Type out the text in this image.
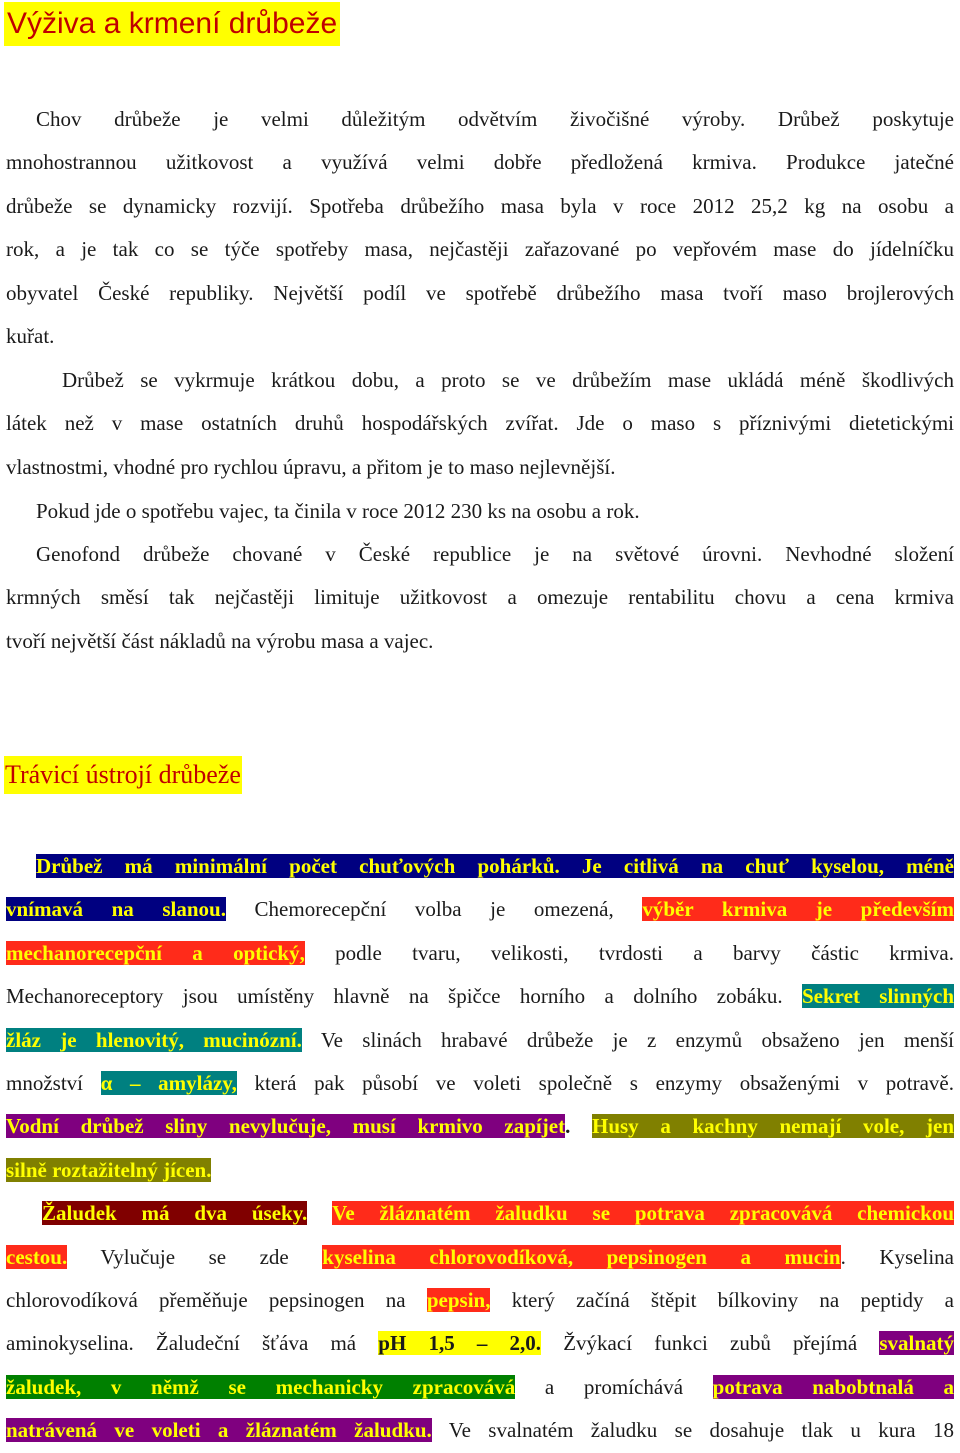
Výživa a krmení drůbeže
Chov drůbeže je velmi důležitým odvětvím živočišné výroby. Drůbež poskytuje
mnohostrannou užitkovost a využívá velmi dobře předložená krmiva. Produkce jatečné
drůbeže se dynamicky rozvijí. Spotřeba drůbežího masa byla v roce 2012 25,2 kg na osobu a
rok, a je tak co se týče spotřeby masa, nejčastěji zařazované po vepřovém mase do jídelníčku
obyvatel České republiky. Největší podíl ve spotřebě drůbežího masa tvoří maso brojlerových
kuřat.
Drůbež se vykrmuje krátkou dobu, a proto se ve drůbežím mase ukládá méně škodlivých
látek než v mase ostatních druhů hospodářských zvířat. Jde o maso s příznivými dietetickými
vlastnostmi, vhodné pro rychlou úpravu, a přitom je to maso nejlevnější.
Pokud jde o spotřebu vajec, ta činila v roce 2012 230 ks na osobu a rok.
Genofond drůbeže chované v České republice je na světové úrovni. Nevhodné složení
krmných směsí tak nejčastěji limituje užitkovost a omezuje rentabilitu chovu a cena krmiva
tvoří největší část nákladů na výrobu masa a vajec.
Trávicí ústrojí drůbeže
Drůbež má minimální počet chuťových pohárků. Je citlivá na chuť kyselou, méně
vnímavá na slanou. Chemorecepční volba je omezená, výběr krmiva je především
mechanorecepční a optický, podle tvaru, velikosti, tvrdosti a barvy částic krmiva.
Mechanoreceptory jsou umístěny hlavně na špičce horního a dolního zobáku. Sekret slinných
žláz je hlenovitý, mucinózní. Ve slinách hrabavé drůbeže je z enzymů obsaženo jen menší
množství α – amylázy, která pak působí ve voleti společně s enzymy obsaženými v potravě.
Vodní drůbež sliny nevylučuje, musí krmivo zapíjet. Husy a kachny nemají vole, jen
silně roztažitelný jícen.
Žaludek má dva úseky. Ve žláznatém žaludku se potrava zpracovává chemickou
cestou. Vylučuje se zde kyselina chlorovodíková, pepsinogen a mucin. Kyselina
chlorovodíková přeměňuje pepsinogen na pepsin, který začíná štěpit bílkoviny na peptidy a
aminokyselina. Žaludeční šťáva má pH 1,5 – 2,0. Žvýkací funkci zubů přejímá svalnatý
žaludek, v němž se mechanicky zpracovává a promíchává potrava nabobtnalá a
natrávená ve voleti a žláznatém žaludku. Ve svalnatém žaludku se dosahuje tlak u kura 18
